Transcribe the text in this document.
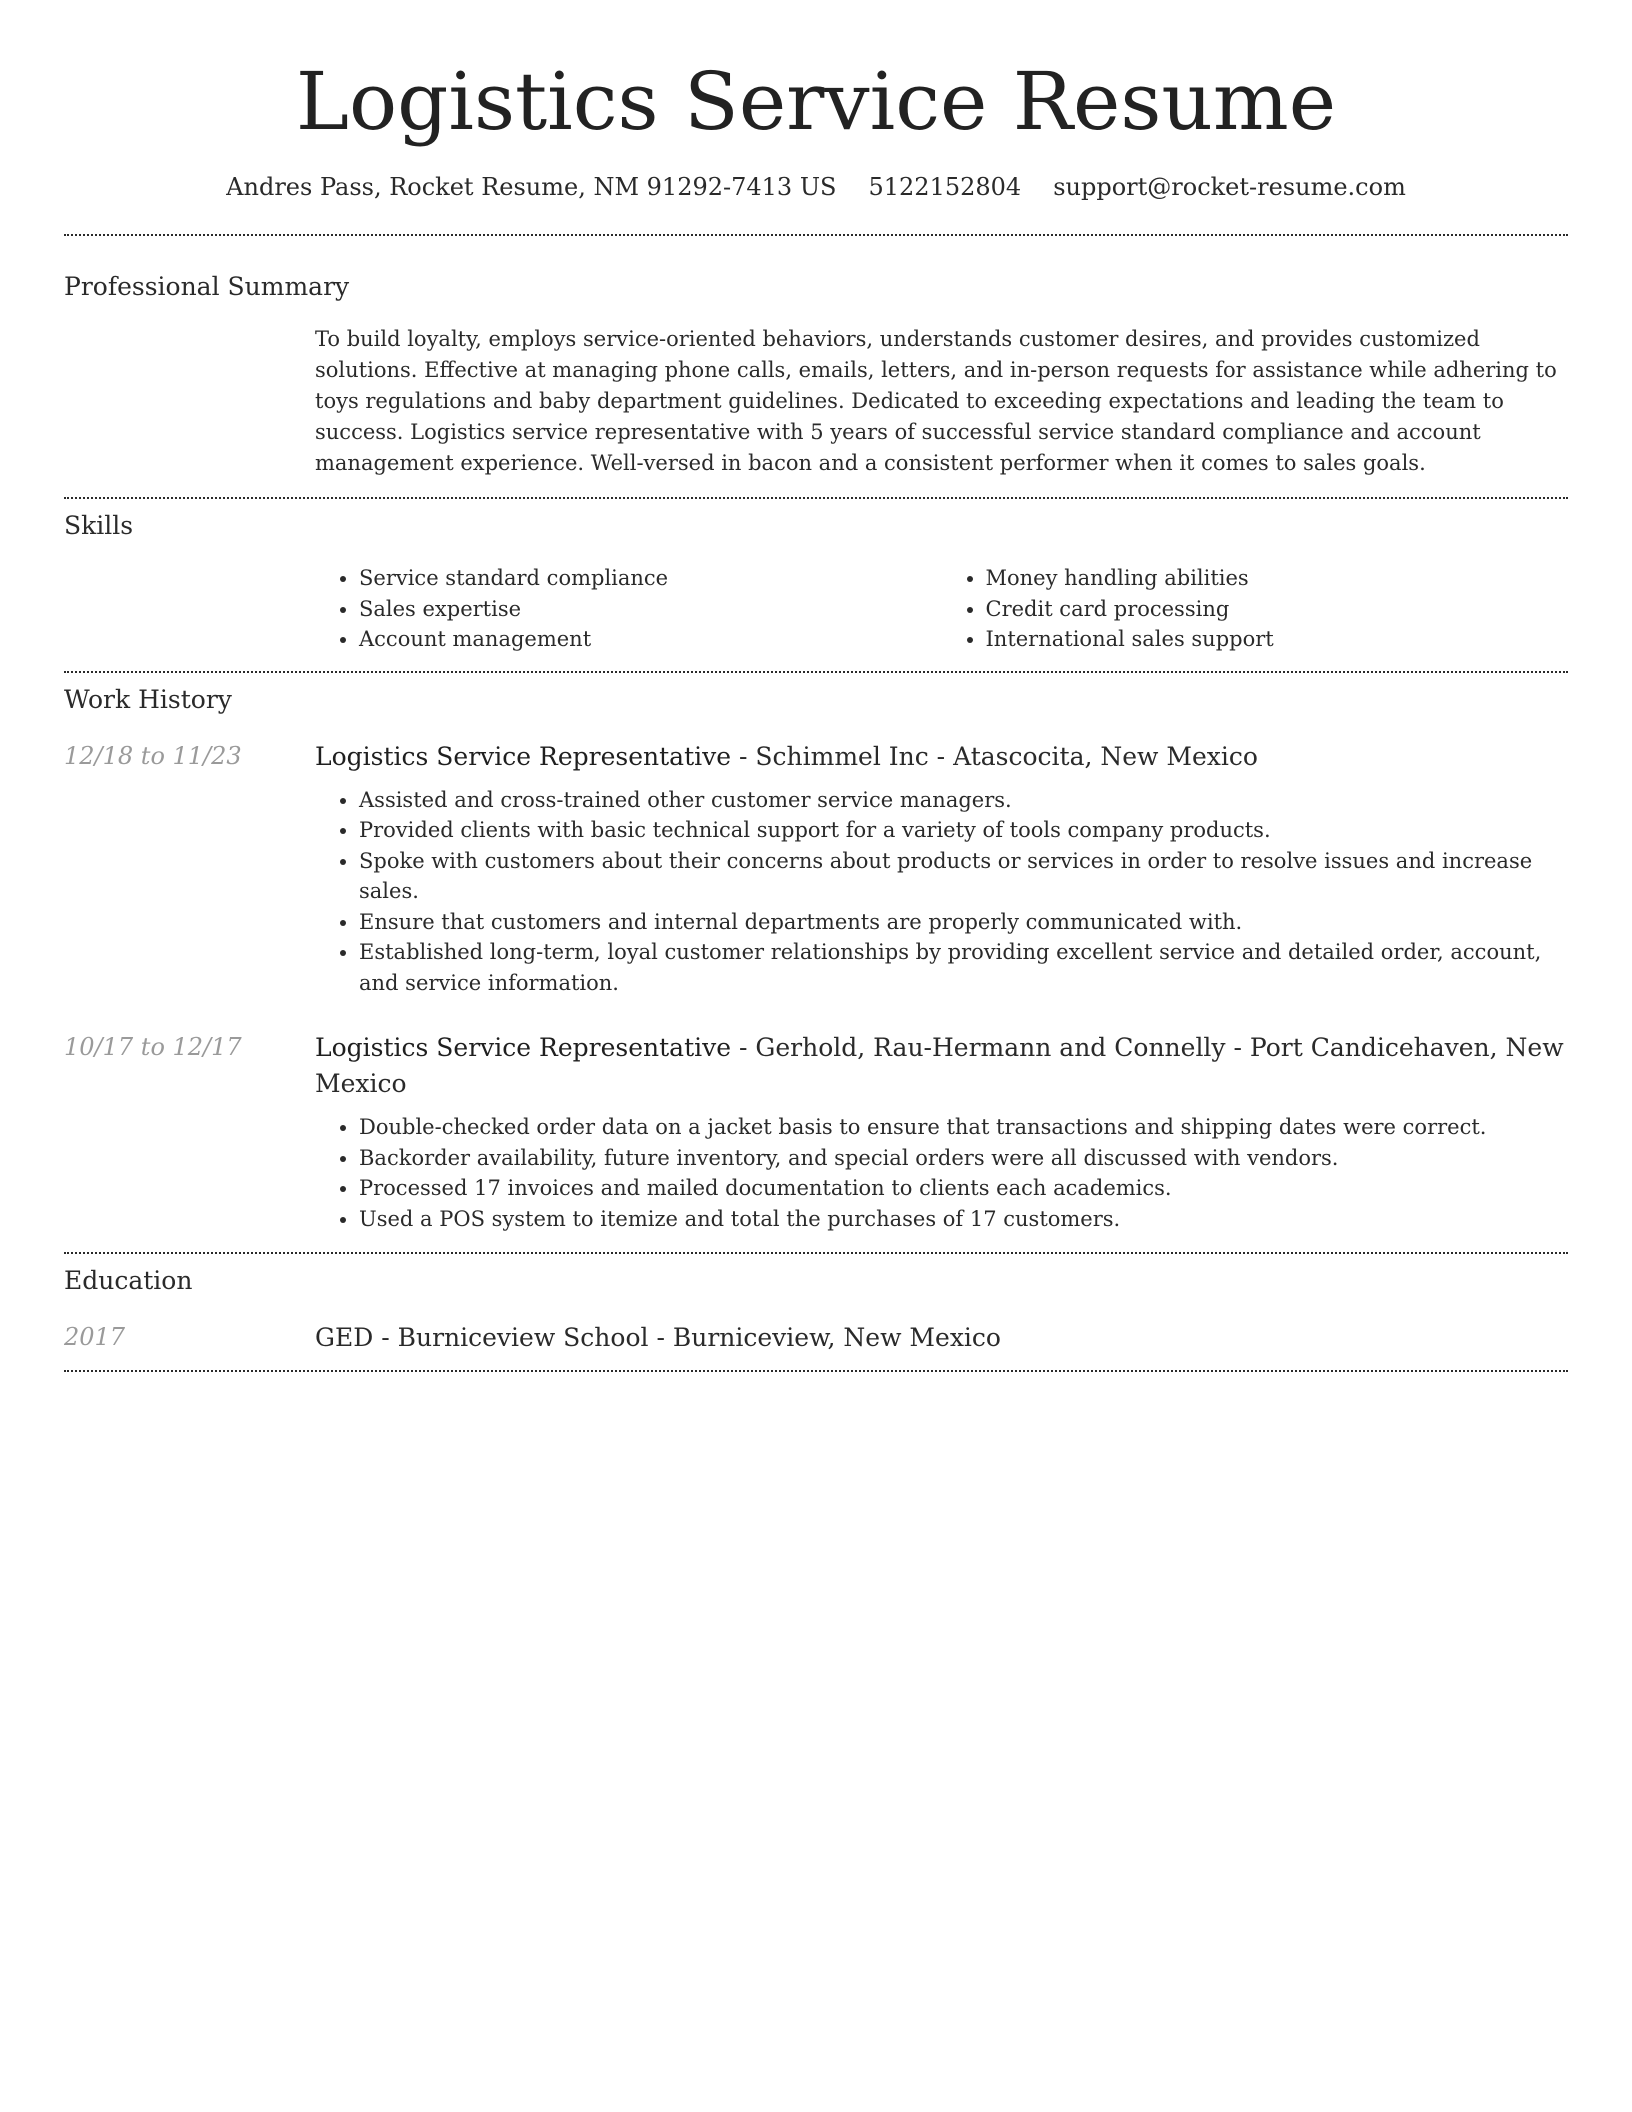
Logistics Service Resume
Andres Pass, Rocket Resume, NM 91292-7413 US 5122152804 support@rocket-resume.com
Professional Summary

To build loyalty, employs service-oriented behaviors, understands customer desires, and provides customized solutions. Effective at managing phone calls, emails, letters, and in-person requests for assistance while adhering to toys regulations and baby department guidelines. Dedicated to exceeding expectations and leading the team to success. Logistics service representative with 5 years of successful service standard compliance and account management experience. Well-versed in bacon and a consistent performer when it comes to sales goals.

Skills
• Service standard compliance
• Sales expertise
• Account management
• Money handling abilities
• Credit card processing
• International sales support
Work History
12/18 to 11/23	Logistics Service Representative - Schimmel Inc - Atascocita, New Mexico

• Assisted and cross-trained other customer service managers.
• Provided clients with basic technical support for a variety of tools company products.
• Spoke with customers about their concerns about products or services in order to resolve issues and increase sales.
• Ensure that customers and internal departments are properly communicated with.
• Established long-term, loyal customer relationships by providing excellent service and detailed order, account, and service information.
10/17 to 12/17	Logistics Service Representative - Gerhold, Rau-Hermann and Connelly - Port Candicehaven, New Mexico

• Double-checked order data on a jacket basis to ensure that transactions and shipping dates were correct.
• Backorder availability, future inventory, and special orders were all discussed with vendors.
• Processed 17 invoices and mailed documentation to clients each academics.
• Used a POS system to itemize and total the purchases of 17 customers.
Education
2017	GED - Burniceview School - Burniceview, New Mexico
